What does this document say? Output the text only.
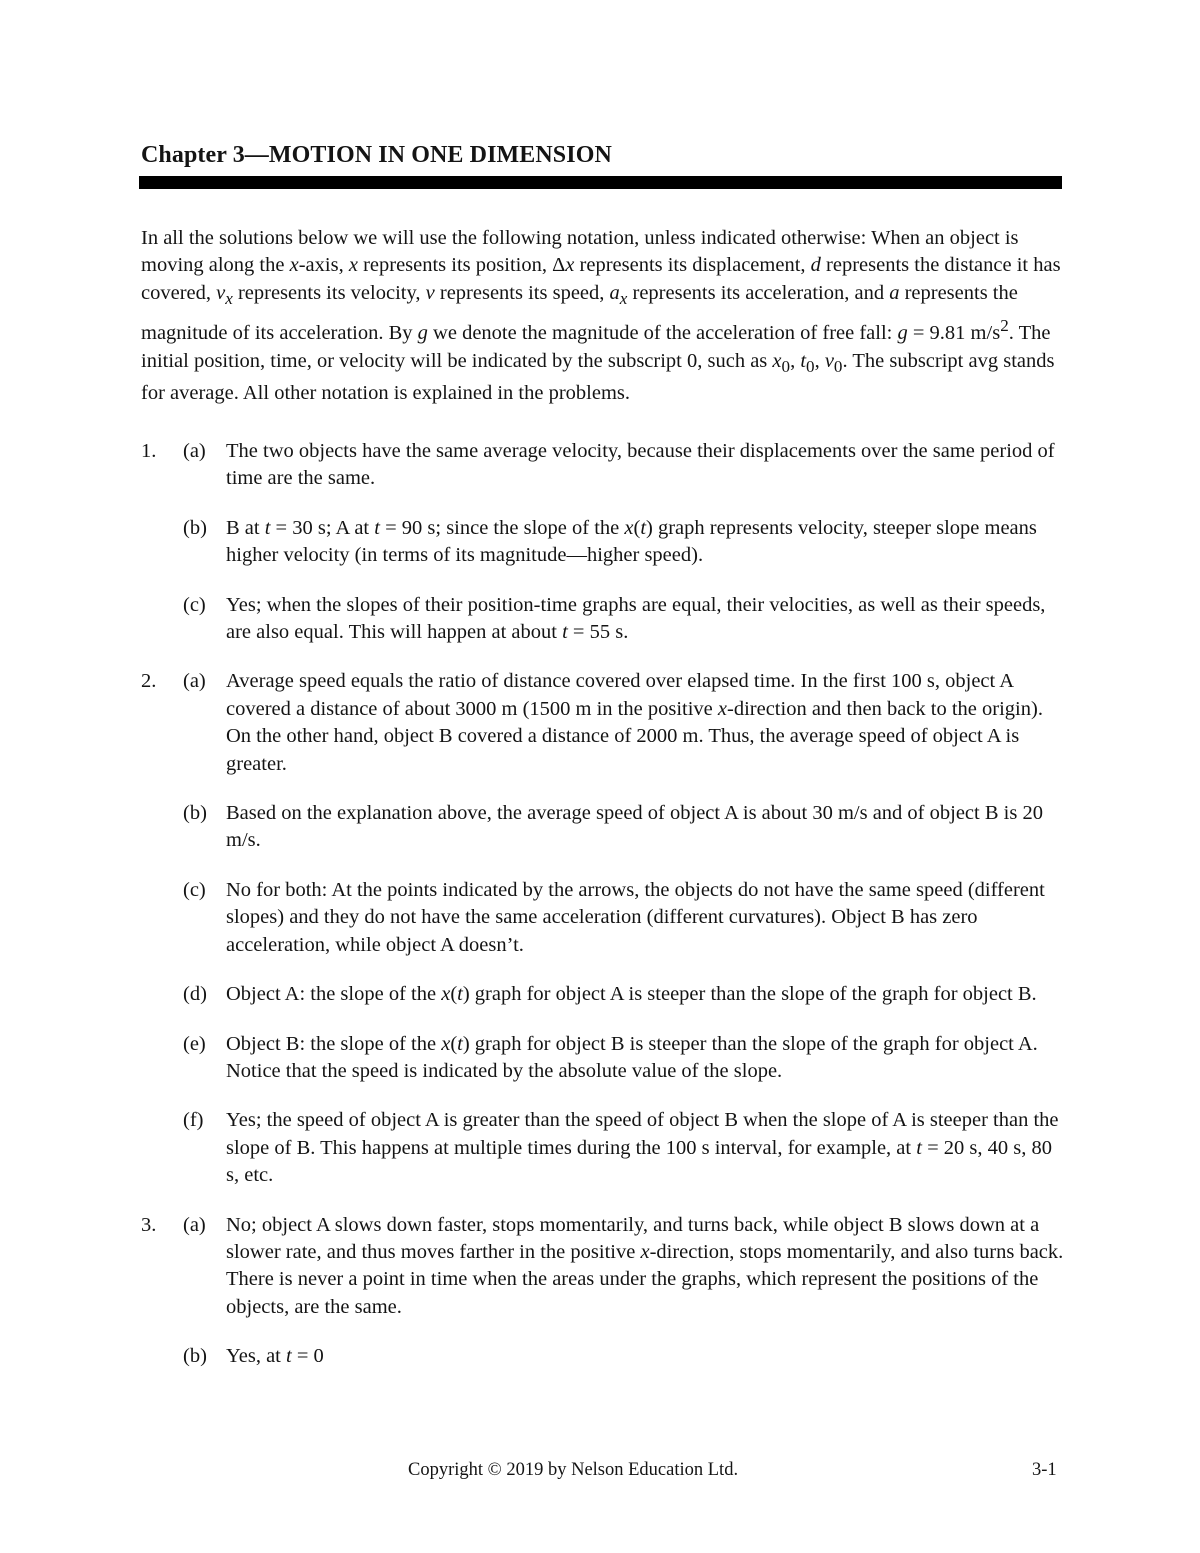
Chapter 3—MOTION IN ONE DIMENSION

In all the solutions below we will use the following notation, unless indicated otherwise: When an object is moving along the x-axis, x represents its position, Δx represents its displacement, d represents the distance it has covered, $v_x$ represents its velocity, v represents its speed, $a_x$ represents its acceleration, and a represents the magnitude of its acceleration. By g we denote the magnitude of the acceleration of free fall: g = 9.81 $m/s^2$. The initial position, time, or velocity will be indicated by the subscript 0, such as $x_0$, $t_0$, $v_0$. The subscript avg stands for average. All other notation is explained in the problems.

1.	(a) The two objects have the same average velocity, because their displacements over the same period of time are the same.
(b) B at t = 30 s; A at t = 90 s; since the slope of the x(t) graph represents velocity, steeper slope means higher velocity (in terms of its magnitude—higher speed).
(c) Yes; when the slopes of their position-time graphs are equal, their velocities, as well as their speeds, are also equal. This will happen at about t = 55 s.
2.	(a) Average speed equals the ratio of distance covered over elapsed time. In the first 100 s, object A covered a distance of about 3000 m (1500 m in the positive x-direction and then back to the origin). On the other hand, object B covered a distance of 2000 m. Thus, the average speed of object A is greater.
(b) Based on the explanation above, the average speed of object A is about 30 m/s and of object B is 20 m/s.
(c) No for both: At the points indicated by the arrows, the objects do not have the same speed (different slopes) and they do not have the same acceleration (different curvatures). Object B has zero acceleration, while object A doesn’t.
(d) Object A: the slope of the x(t) graph for object A is steeper than the slope of the graph for object B.
(e) Object B: the slope of the x(t) graph for object B is steeper than the slope of the graph for object A. Notice that the speed is indicated by the absolute value of the slope.
(f) Yes; the speed of object A is greater than the speed of object B when the slope of A is steeper than the slope of B. This happens at multiple times during the 100 s interval, for example, at t = 20 s, 40 s, 80 s, etc.
3.	(a) No; object A slows down faster, stops momentarily, and turns back, while object B slows down at a slower rate, and thus moves farther in the positive x-direction, stops momentarily, and also turns back. There is never a point in time when the areas under the graphs, which represent the positions of the objects, are the same.
(b) Yes, at t = 0
Copyright © 2019 by Nelson Education Ltd.	3-1
